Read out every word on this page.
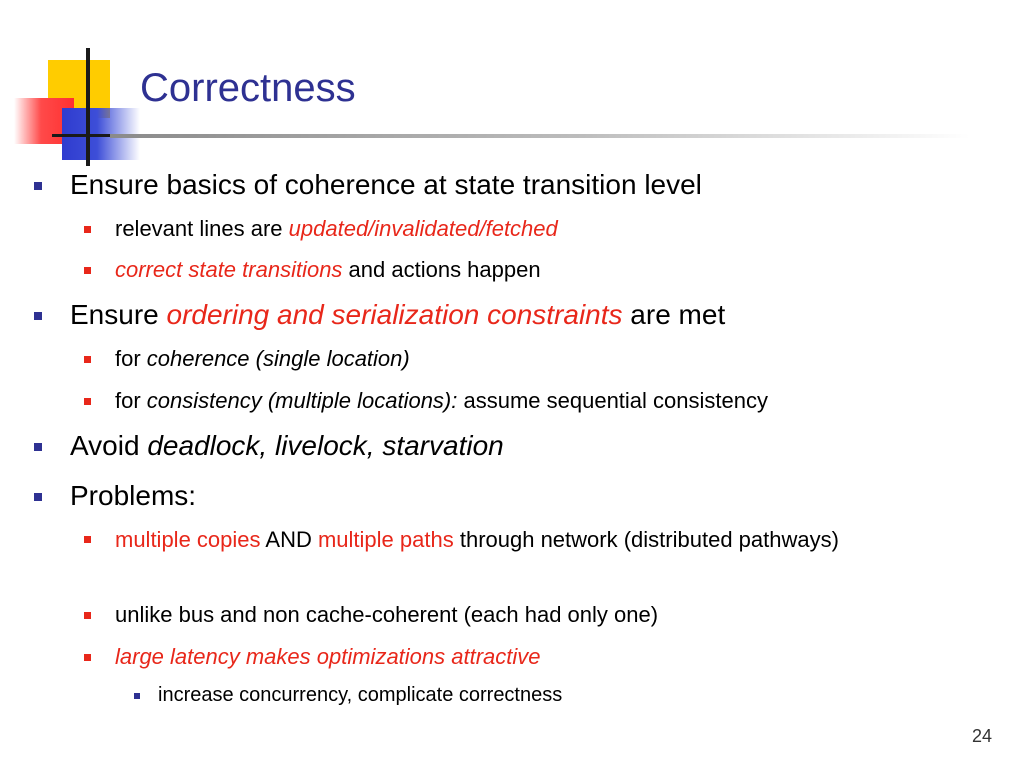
Correctness
Ensure basics of coherence at state transition level
relevant lines are updated/invalidated/fetched
correct state transitions and actions happen
Ensure ordering and serialization constraints are met
for coherence (single location)
for consistency (multiple locations): assume sequential consistency
Avoid deadlock, livelock, starvation
Problems:
multiple copies AND multiple paths through network (distributed pathways)
unlike bus and non cache-coherent (each had only one)
large latency makes optimizations attractive
increase concurrency, complicate correctness
24
